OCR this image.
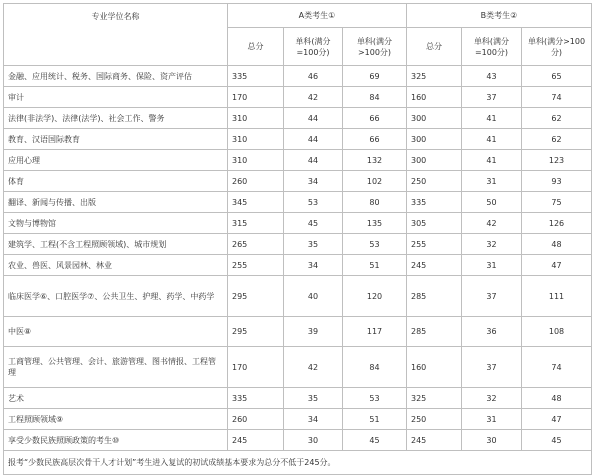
专业学位名称	A类考生①			B类考生②		
	总分	单科(满分=100分)	单科(满分>100分)	总分	单科(满分=100分)	单科(满分>100分)
金融、应用统计、税务、国际商务、保险、资产评估	335	46	69	325	43	65
审计	170	42	84	160	37	74
法律(非法学)、法律(法学)、社会工作、警务	310	44	66	300	41	62
教育、汉语国际教育	310	44	66	300	41	62
应用心理	310	44	132	300	41	123
体育	260	34	102	250	31	93
翻译、新闻与传播、出版	345	53	80	335	50	75
文物与博物馆	315	45	135	305	42	126
建筑学、工程(不含工程照顾领域)、城市规划	265	35	53	255	32	48
农业、兽医、风景园林、林业	255	34	51	245	31	47
临床医学⑥、口腔医学⑦、公共卫生、护理、药学、中药学	295	40	120	285	37	111
中医⑧	295	39	117	285	36	108
工商管理、公共管理、会计、旅游管理、图书情报、工程管理	170	42	84	160	37	74
艺术	335	35	53	325	32	48
工程照顾领域⑨	260	34	51	250	31	47
享受少数民族照顾政策的考生⑩	245	30	45	245	30	45
报考“少数民族高层次骨干人才计划”考生进入复试的初试成绩基本要求为总分不低于245分。						
